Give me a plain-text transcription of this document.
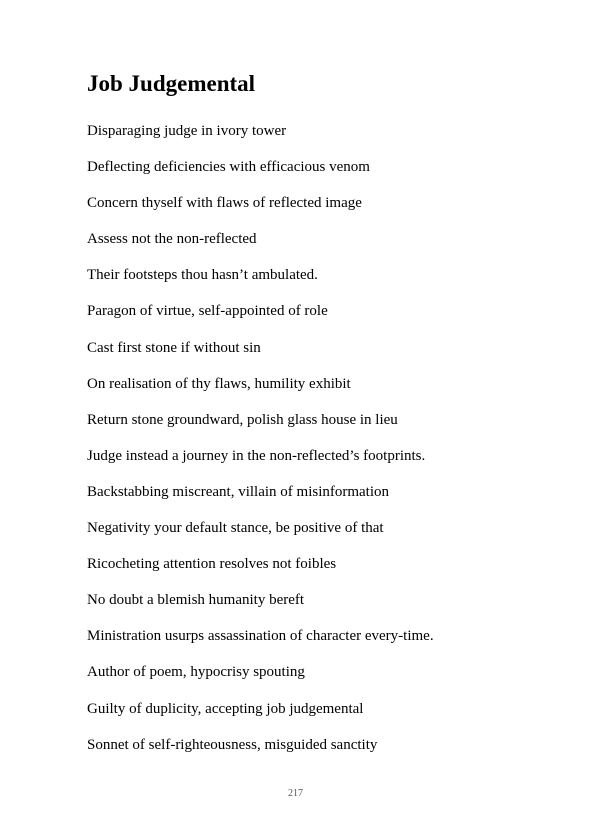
Job Judgemental
Disparaging judge in ivory tower
Deflecting deficiencies with efficacious venom
Concern thyself with flaws of reflected image
Assess not the non-reflected
Their footsteps thou hasn’t ambulated.
Paragon of virtue, self-appointed of role
Cast first stone if without sin
On realisation of thy flaws, humility exhibit
Return stone groundward, polish glass house in lieu
Judge instead a journey in the non-reflected’s footprints.
Backstabbing miscreant, villain of misinformation
Negativity your default stance, be positive of that
Ricocheting attention resolves not foibles
No doubt a blemish humanity bereft
Ministration usurps assassination of character every-time.
Author of poem, hypocrisy spouting
Guilty of duplicity, accepting job judgemental
Sonnet of self-righteousness, misguided sanctity
217
